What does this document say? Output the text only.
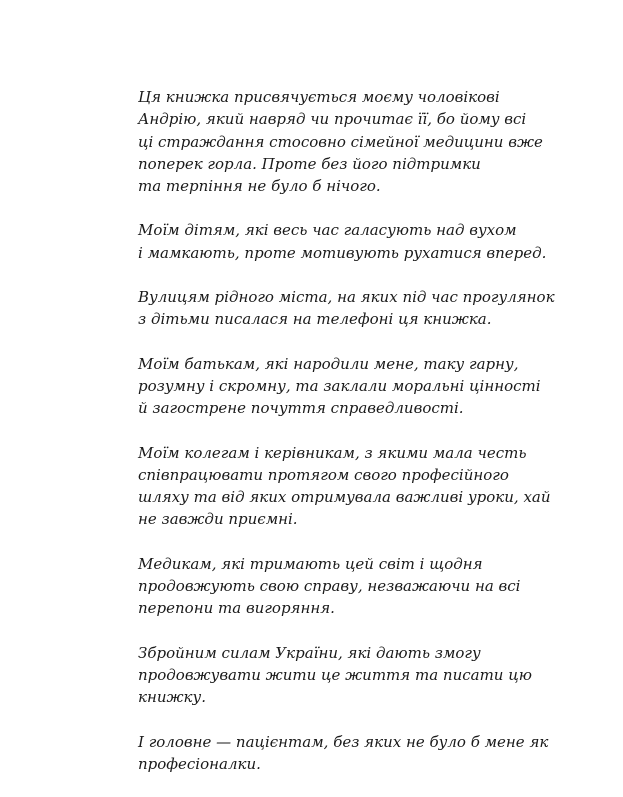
Ця книжка присвячується моєму чоловікові
Андрію, який навряд чи прочитає її, бо йому всі
ці страждання стосовно сімейної медицини вже
поперек горла. Проте без його підтримки
та терпіння не було б нічого.

Моїм дітям, які весь час галасують над вухом
і мамкають, проте мотивують рухатися вперед.

Вулицям рідного міста, на яких під час прогулянок
з дітьми писалася на телефоні ця книжка.

Моїм батькам, які народили мене, таку гарну,
розумну і скромну, та заклали моральні цінності
й загострене почуття справедливості.

Моїм колегам і керівникам, з якими мала честь
співпрацювати протягом свого професійного
шляху та від яких отримувала важливі уроки, хай
не завжди приємні.

Медикам, які тримають цей світ і щодня
продовжують свою справу, незважаючи на всі
перепони та вигоряння.

Збройним силам України, які дають змогу
продовжувати жити це життя та писати цю
книжку.

І головне — пацієнтам, без яких не було б мене як
професіоналки.
